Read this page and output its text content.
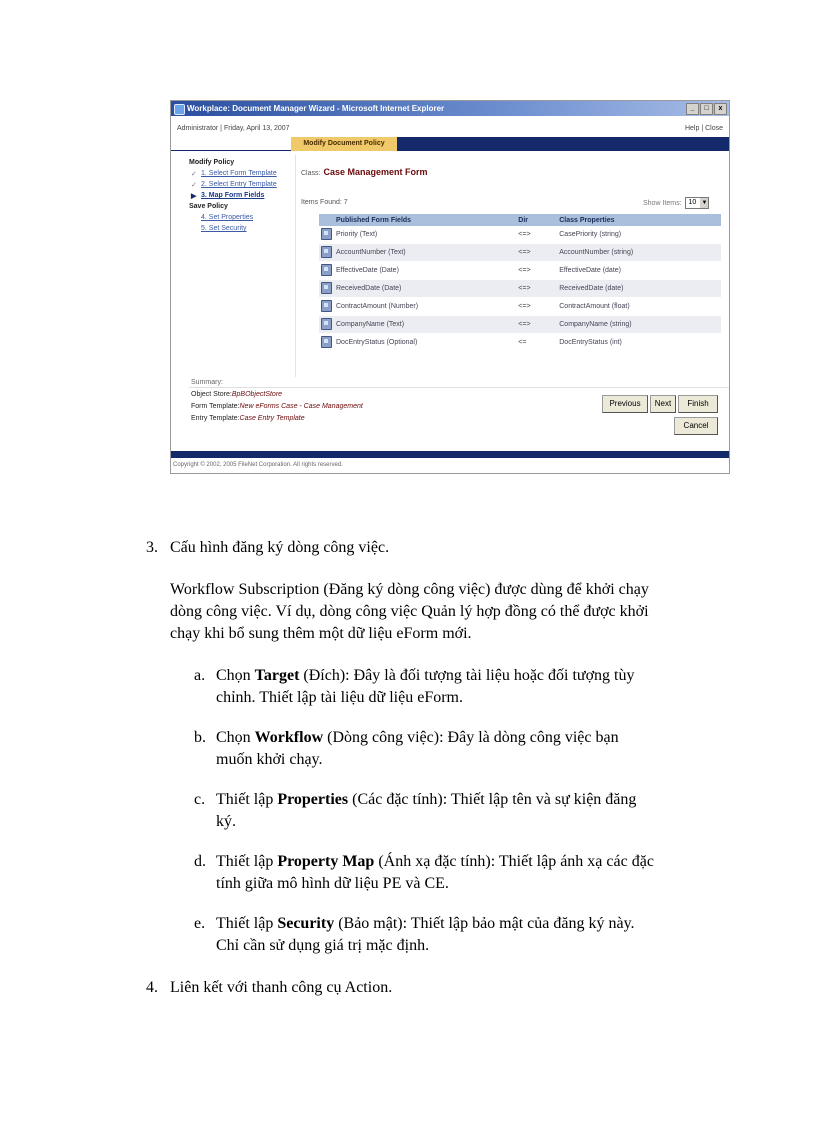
Workplace: Document Manager Wizard - Microsoft Internet Explorer	_	□	x
Administrator | Friday, April 13, 2007	Help | Close
Modify Document Policy
Modify Policy
✓ 1. Select Form Template
✓ 2. Select Entry Template
▶ 3. Map Form Fields
Save Policy
4. Set Properties
5. Set Security
Class: Case Management Form
Items Found: 7	Show Items: 10 ▼
	Published Form Fields	Dir	Class Properties
	Priority (Text)	<=>	CasePriority (string)
	AccountNumber (Text)	<=>	AccountNumber (string)
	EffectiveDate (Date)	<=>	EffectiveDate (date)
	ReceivedDate (Date)	<=>	ReceivedDate (date)
	ContractAmount (Number)	<=>	ContractAmount (float)
	CompanyName (Text)	<=>	CompanyName (string)
	DocEntryStatus (Optional)	<=	DocEntryStatus (int)
Summary:
Object Store:BpBObjectStore
Form Template:New eForms Case - Case Management
Entry Template:Case Entry Template
Previous	Next	Finish
Cancel
Copyright © 2002, 2005 FileNet Corporation. All rights reserved.
3. Cấu hình đăng ký dòng công việc.
Workflow Subscription (Đăng ký dòng công việc) được dùng để khởi chạy
dòng công việc. Ví dụ, dòng công việc Quản lý hợp đồng có thể được khởi
chạy khi bổ sung thêm một dữ liệu eForm mới.
a. Chọn Target (Đích): Đây là đối tượng tài liệu hoặc đối tượng tùy
chỉnh. Thiết lập tài liệu dữ liệu eForm.
b. Chọn Workflow (Dòng công việc): Đây là dòng công việc bạn
muốn khởi chạy.
c. Thiết lập Properties (Các đặc tính): Thiết lập tên và sự kiện đăng
ký.
d. Thiết lập Property Map (Ánh xạ đặc tính): Thiết lập ánh xạ các đặc
tính giữa mô hình dữ liệu PE và CE.
e. Thiết lập Security (Bảo mật): Thiết lập bảo mật của đăng ký này.
Chỉ cần sử dụng giá trị mặc định.
4. Liên kết với thanh công cụ Action.
